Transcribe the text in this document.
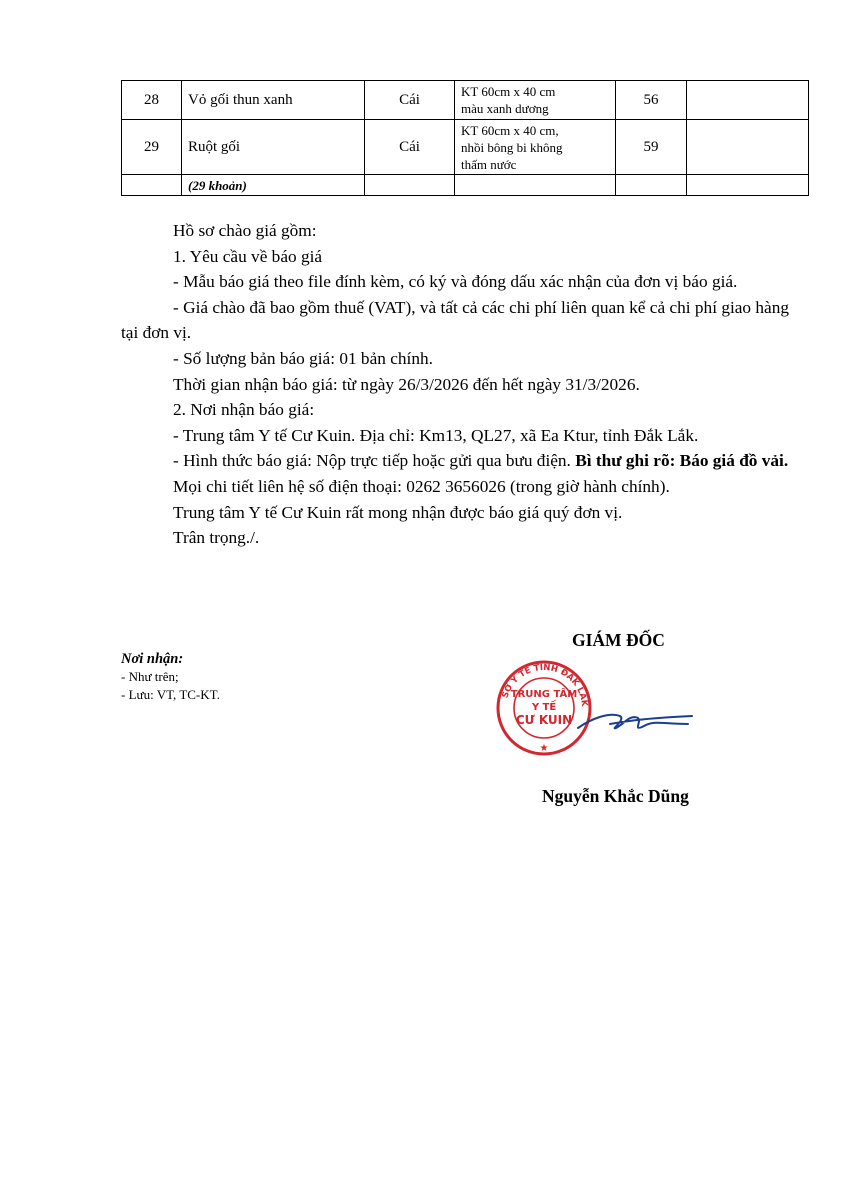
28	Vỏ gối thun xanh	Cái	KT 60cm x 40 cm
màu xanh dương	56	
29	Ruột gối	Cái	KT 60cm x 40 cm,
nhồi bông bi không
thấm nước	59	
	(29 khoản)				

Hồ sơ chào giá gồm:

1. Yêu cầu về báo giá

- Mẫu báo giá theo file đính kèm, có ký và đóng dấu xác nhận của đơn vị báo giá.

- Giá chào đã bao gồm thuế (VAT), và tất cả các chi phí liên quan kể cả chi phí giao hàng tại đơn vị.

- Số lượng bản báo giá: 01 bản chính.

Thời gian nhận báo giá: từ ngày 26/3/2026 đến hết ngày 31/3/2026.

2. Nơi nhận báo giá:

- Trung tâm Y tế Cư Kuin. Địa chỉ: Km13, QL27, xã Ea Ktur, tỉnh Đắk Lắk.

- Hình thức báo giá: Nộp trực tiếp hoặc gửi qua bưu điện. Bì thư ghi rõ: Báo giá đồ vải.

Mọi chi tiết liên hệ số điện thoại: 0262 3656026 (trong giờ hành chính).

Trung tâm Y tế Cư Kuin rất mong nhận được báo giá quý đơn vị.

Trân trọng./.

Nơi nhận:
- Như trên;
- Lưu: VT, TC-KT.
GIÁM ĐỐC
SỞ Y TẾ TỈNH ĐẮK LẮK
TRUNG TÂM
Y TẾ
CƯ KUIN
★
Nguyễn Khắc Dũng
